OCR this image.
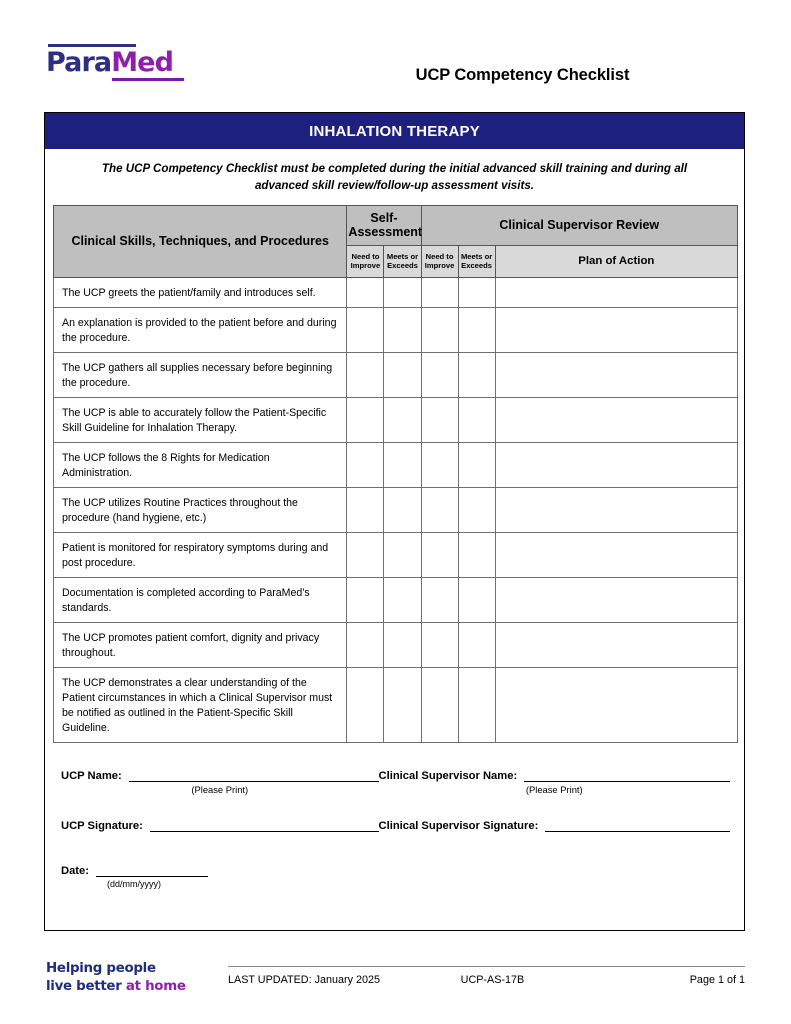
ParaMed	UCP Competency Checklist
INHALATION THERAPY
The UCP Competency Checklist must be completed during the initial advanced skill training and during all advanced skill review/follow-up assessment visits.
Clinical Skills, Techniques, and Procedures	Self-Assessment		Clinical Supervisor Review		
	Need to Improve	Meets or Exceeds	Need to Improve	Meets or Exceeds	Plan of Action
The UCP greets the patient/family and introduces self.					
An explanation is provided to the patient before and during the procedure.					
The UCP gathers all supplies necessary before beginning the procedure.					
The UCP is able to accurately follow the Patient-Specific Skill Guideline for Inhalation Therapy.					
The UCP follows the 8 Rights for Medication Administration.					
The UCP utilizes Routine Practices throughout the procedure (hand hygiene, etc.)					
Patient is monitored for respiratory symptoms during and post procedure.					
Documentation is completed according to ParaMed’s standards.					
The UCP promotes patient comfort, dignity and privacy throughout.					
The UCP demonstrates a clear understanding of the Patient circumstances in which a Clinical Supervisor must be notified as outlined in the Patient-Specific Skill Guideline.					
UCP Name:
(Please Print)
Clinical Supervisor Name:
(Please Print)
UCP Signature:	Clinical Supervisor Signature:
Date:
(dd/mm/yyyy)
Helping people
live better at home	LAST UPDATED: January 2025	UCP-AS-17B	Page 1 of 1
